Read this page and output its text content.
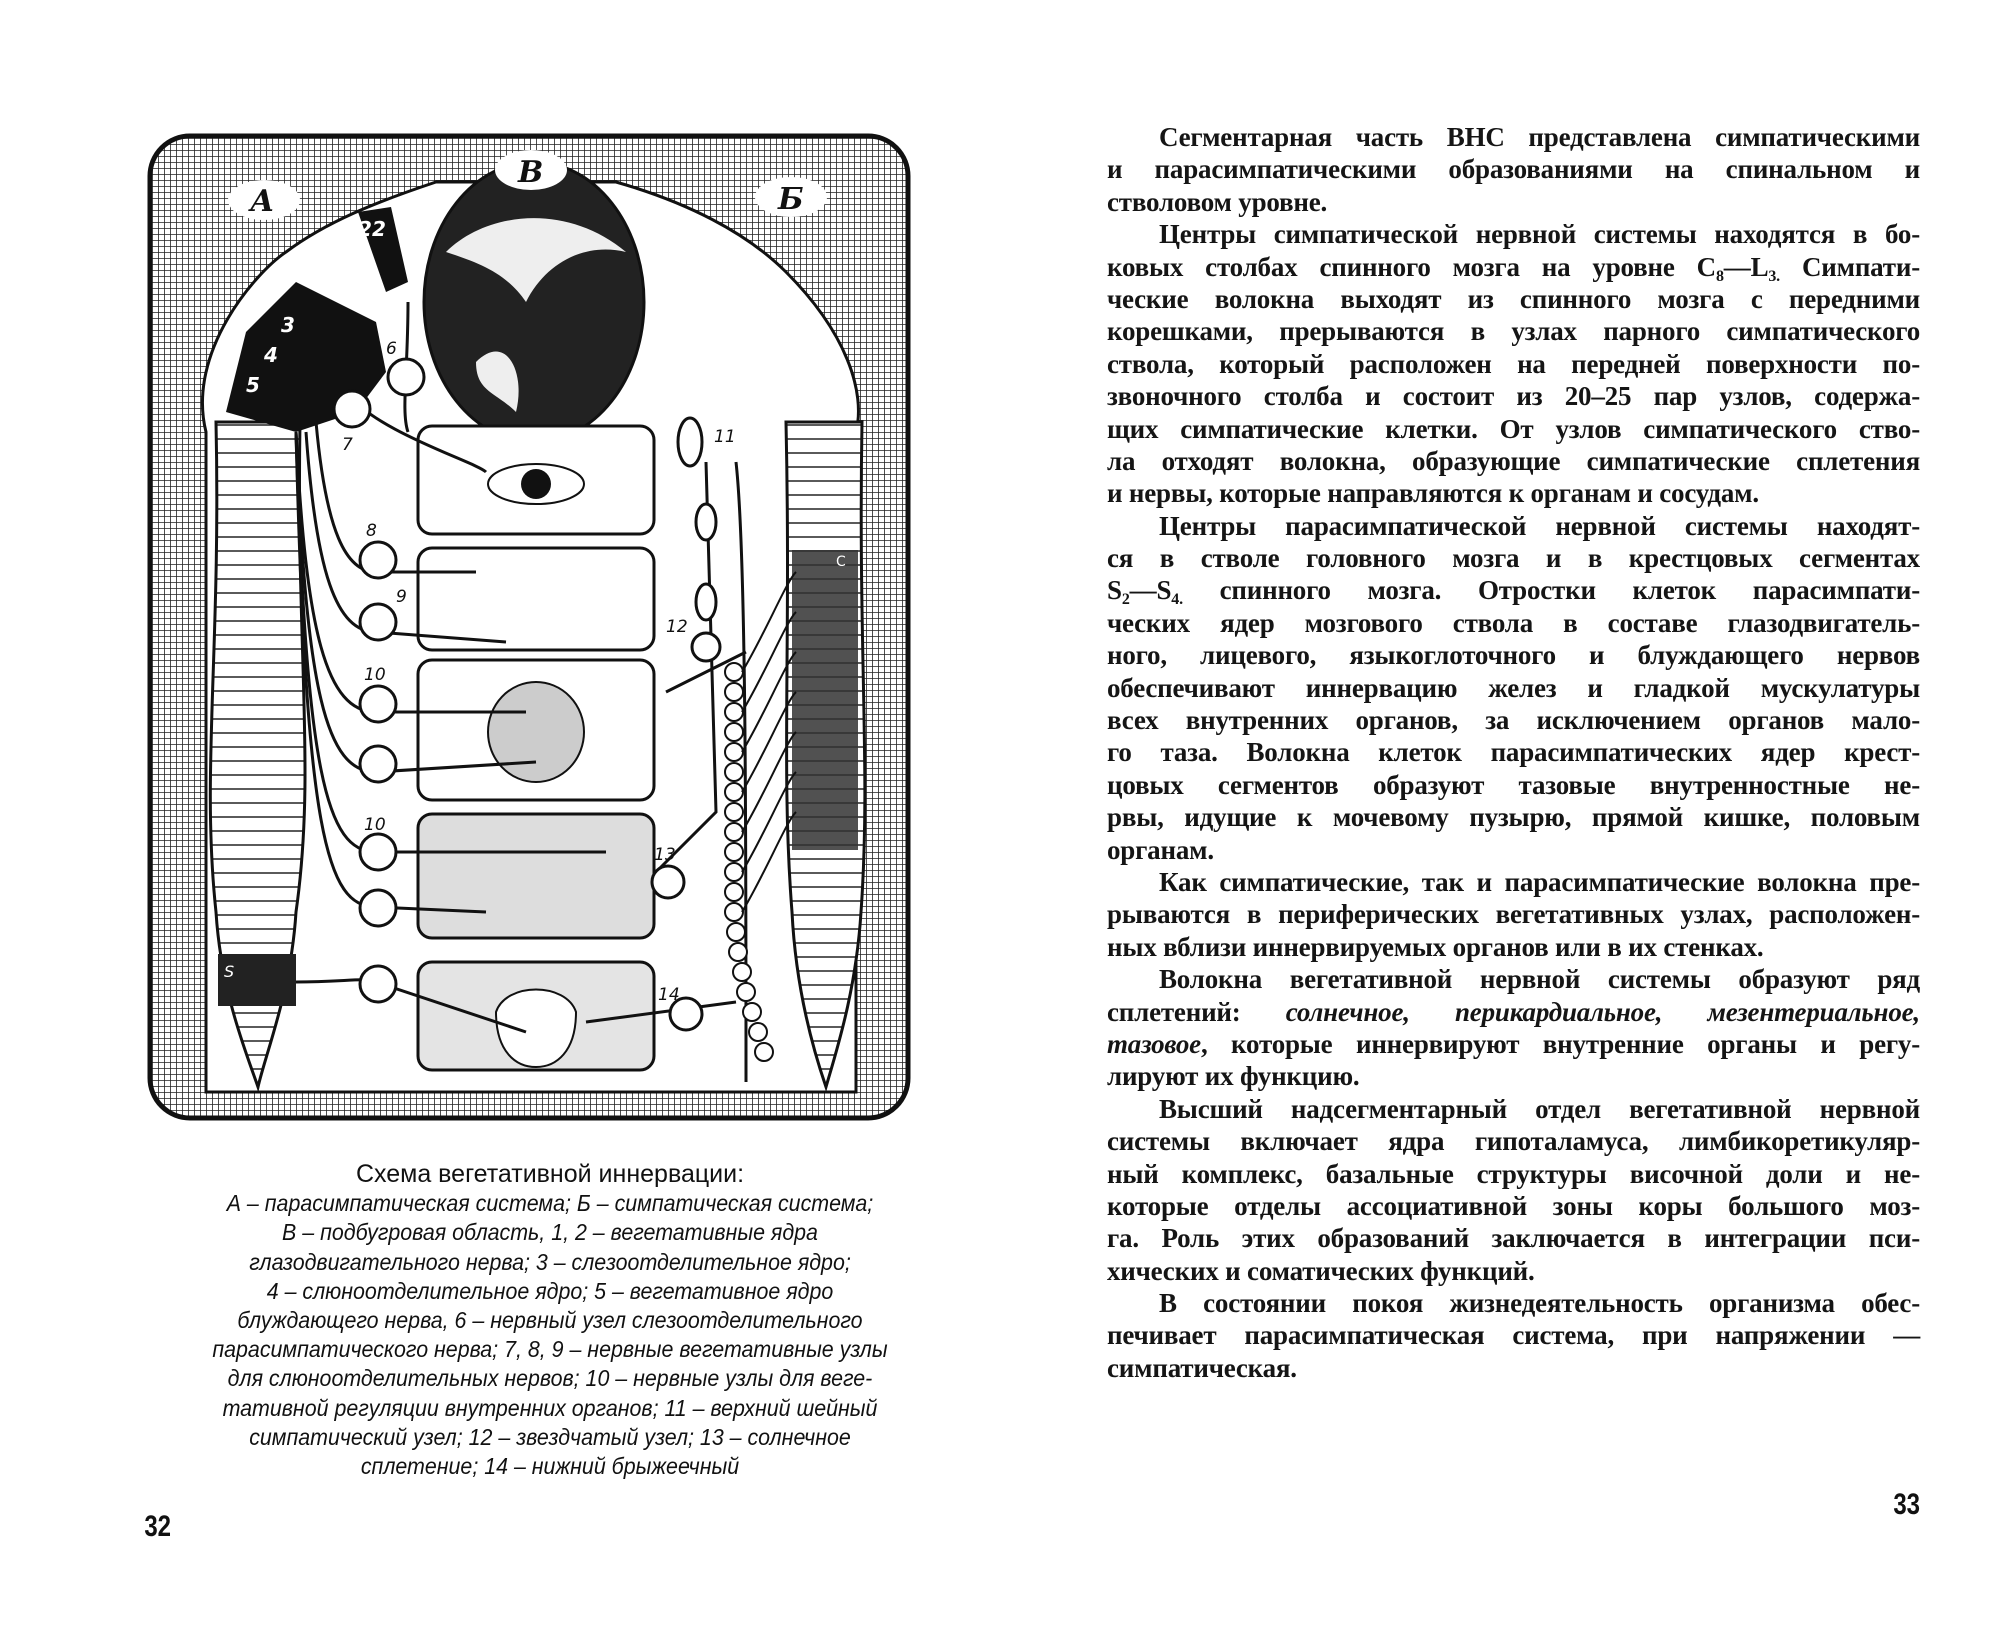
S
C
А
В
Б
2
2
3
4
5
6
7
8
9
10
10
11
12
13
14
Схема вегетативной иннервации:
А – парасимпатическая система; Б – симпатическая система;
В – подбугровая область, 1, 2 – вегетативные ядра
глазодвигательного нерва; 3 – слезоотделительное ядро;
4 – слюноотделительное ядро; 5 – вегетативное ядро
блуждающего нерва, 6 – нервный узел слезоотделительного
парасимпатического нерва; 7, 8, 9 – нервные вегетативные узлы
для слюноотделительных нервов; 10 – нервные узлы для веге-
тативной регуляции внутренних органов; 11 – верхний шейный
симпатический узел; 12 – звездчатый узел; 13 – солнечное
сплетение; 14 – нижний брыжеечный
32
Сегментарная часть ВНС представлена симпатическими
и парасимпатическими образованиями на спинальном и
стволовом уровне.
Центры симпатической нервной системы находятся в бо-
ковых столбах спинного мозга на уровне $C_8—L_{3.}$ Симпати-
ческие волокна выходят из спинного мозга с передними
корешками, прерываются в узлах парного симпатического
ствола, который расположен на передней поверхности по-
звоночного столба и состоит из 20–25 пар узлов, содержа-
щих симпатические клетки. От узлов симпатического ство-
ла отходят волокна, образующие симпатические сплетения
и нервы, которые направляются к органам и сосудам.
Центры парасимпатической нервной системы находят-
ся в стволе головного мозга и в крестцовых сегментах
$S_2—S_{4.}$ спинного мозга. Отростки клеток парасимпати-
ческих ядер мозгового ствола в составе глазодвигатель-
ного, лицевого, языкоглоточного и блуждающего нервов
обеспечивают иннервацию желез и гладкой мускулатуры
всех внутренних органов, за исключением органов мало-
го таза. Волокна клеток парасимпатических ядер крест-
цовых сегментов образуют тазовые внутренностные не-
рвы, идущие к мочевому пузырю, прямой кишке, половым
органам.
Как симпатические, так и парасимпатические волокна пре-
рываются в периферических вегетативных узлах, расположен-
ных вблизи иннервируемых органов или в их стенках.
Волокна вегетативной нервной системы образуют ряд
сплетений: солнечное, перикардиальное, мезентериальное,
тазовое, которые иннервируют внутренние органы и регу-
лируют их функцию.
Высший надсегментарный отдел вегетативной нервной
системы включает ядра гипоталамуса, лимбикоретикуляр-
ный комплекс, базальные структуры височной доли и не-
которые отделы ассоциативной зоны коры большого моз-
га. Роль этих образований заключается в интеграции пси-
хических и соматических функций.
В состоянии покоя жизнедеятельность организма обес-
печивает парасимпатическая система, при напряжении —
симпатическая.
33
